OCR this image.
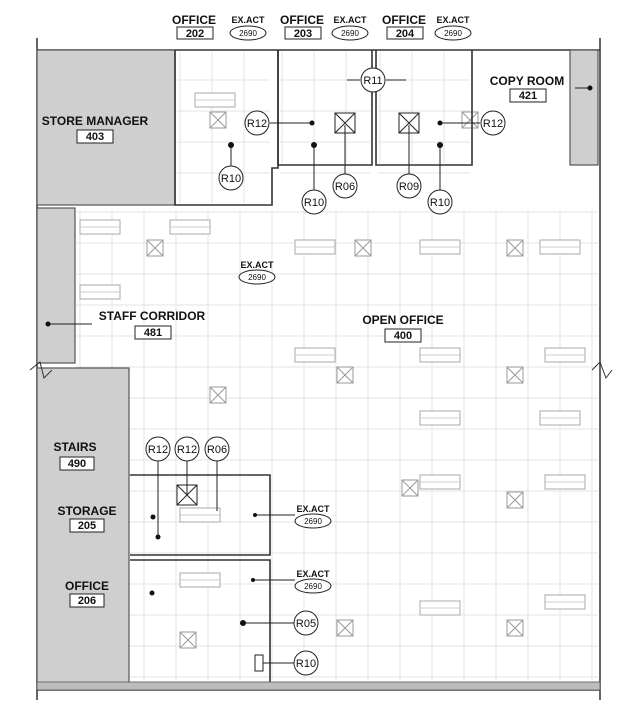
OFFICE
202
OFFICE
203
OFFICE
204
COPY ROOM
421
STORE MANAGER
403
STAFF CORRIDOR
481
OPEN OFFICE
400
STAIRS
490
STORAGE
205
OFFICE
206
EX.ACT
2690
EX.ACT
2690
EX.ACT
2690
EX.ACT
2690
EX.ACT
2690
EX.ACT
2690
R12
R10
R12
R06
R10
R11
R09
R10
R12 R12 R06
R05
R10
